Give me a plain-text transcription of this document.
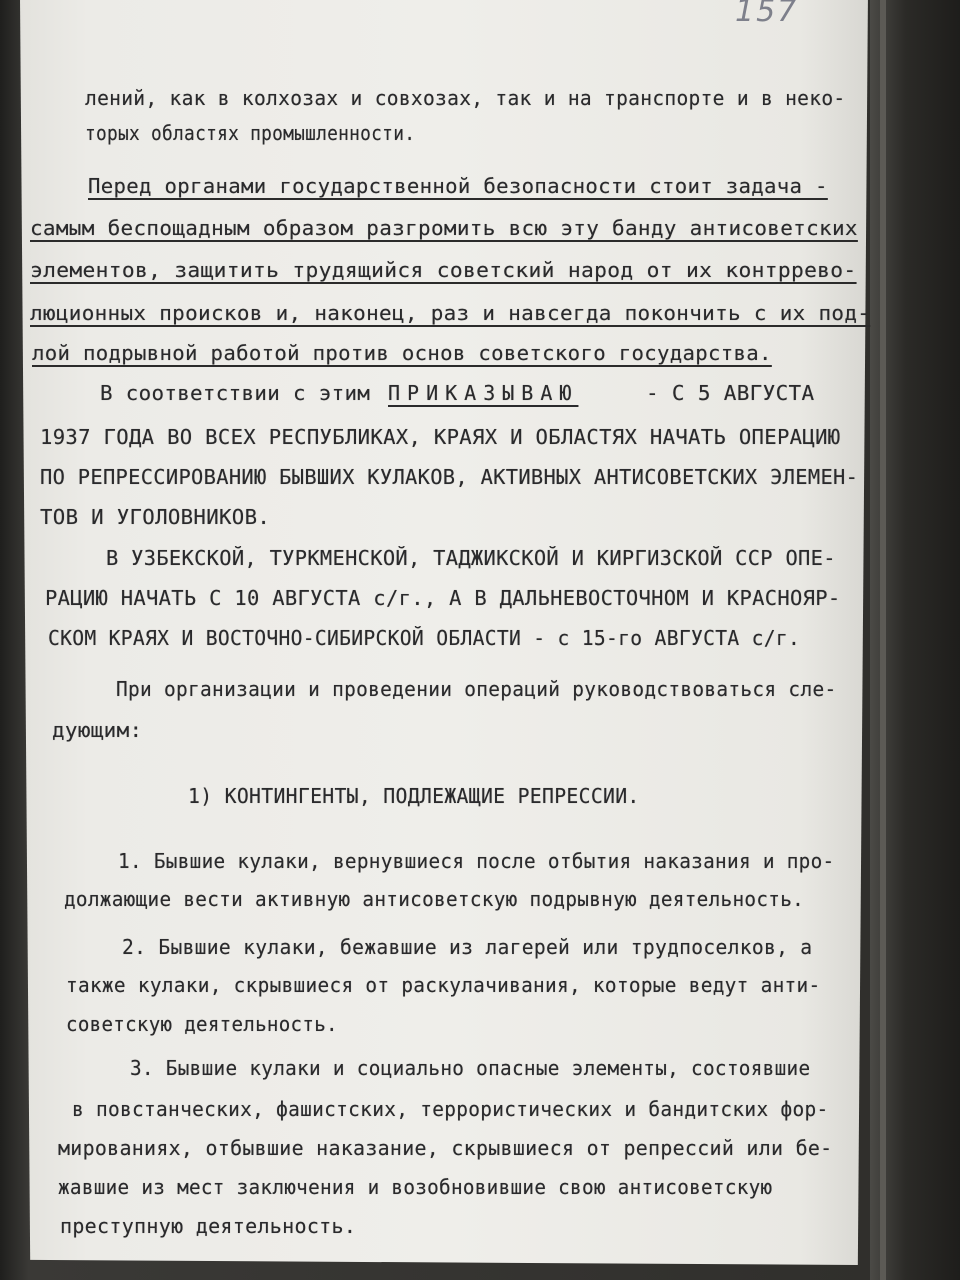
157
лений, как в колхозах и совхозах, так и на транспорте и в неко-
торых областях промышленности.
Перед органами государственной безопасности стоит задача -
самым беспощадным образом разгромить всю эту банду антисоветских
элементов, защитить трудящийся советский народ от их контррево-
люционных происков и, наконец, раз и навсегда покончить с их под-
лой подрывной работой против основ советского государства.
В соответствии с этим ПРИКАЗЫВАЮ	- С 5 АВГУСТА
1937 ГОДА ВО ВСЕХ РЕСПУБЛИКАХ, КРАЯХ И ОБЛАСТЯХ НАЧАТЬ ОПЕРАЦИЮ
ПО РЕПРЕССИРОВАНИЮ БЫВШИХ КУЛАКОВ, АКТИВНЫХ АНТИСОВЕТСКИХ ЭЛЕМЕН-
ТОВ И УГОЛОВНИКОВ.
В УЗБЕКСКОЙ, ТУРКМЕНСКОЙ, ТАДЖИКСКОЙ И КИРГИЗСКОЙ ССР ОПЕ-
РАЦИЮ НАЧАТЬ С 10 АВГУСТА с/г., А В ДАЛЬНЕВОСТОЧНОМ И КРАСНОЯР-
СКОМ КРАЯХ И ВОСТОЧНО-СИБИРСКОЙ ОБЛАСТИ - с 15-го АВГУСТА с/г.
При организации и проведении операций руководствоваться сле-
дующим:
1) КОНТИНГЕНТЫ, ПОДЛЕЖАЩИЕ РЕПРЕССИИ.
1. Бывшие кулаки, вернувшиеся после отбытия наказания и про-
должающие вести активную антисоветскую подрывную деятельность.
2. Бывшие кулаки, бежавшие из лагерей или трудпоселков, а
также кулаки, скрывшиеся от раскулачивания, которые ведут анти-
советскую деятельность.
3. Бывшие кулаки и социально опасные элементы, состоявшие
в повстанческих, фашистских, террористических и бандитских фор-
мированиях, отбывшие наказание, скрывшиеся от репрессий или бе-
жавшие из мест заключения и возобновившие свою антисоветскую
преступную деятельность.
